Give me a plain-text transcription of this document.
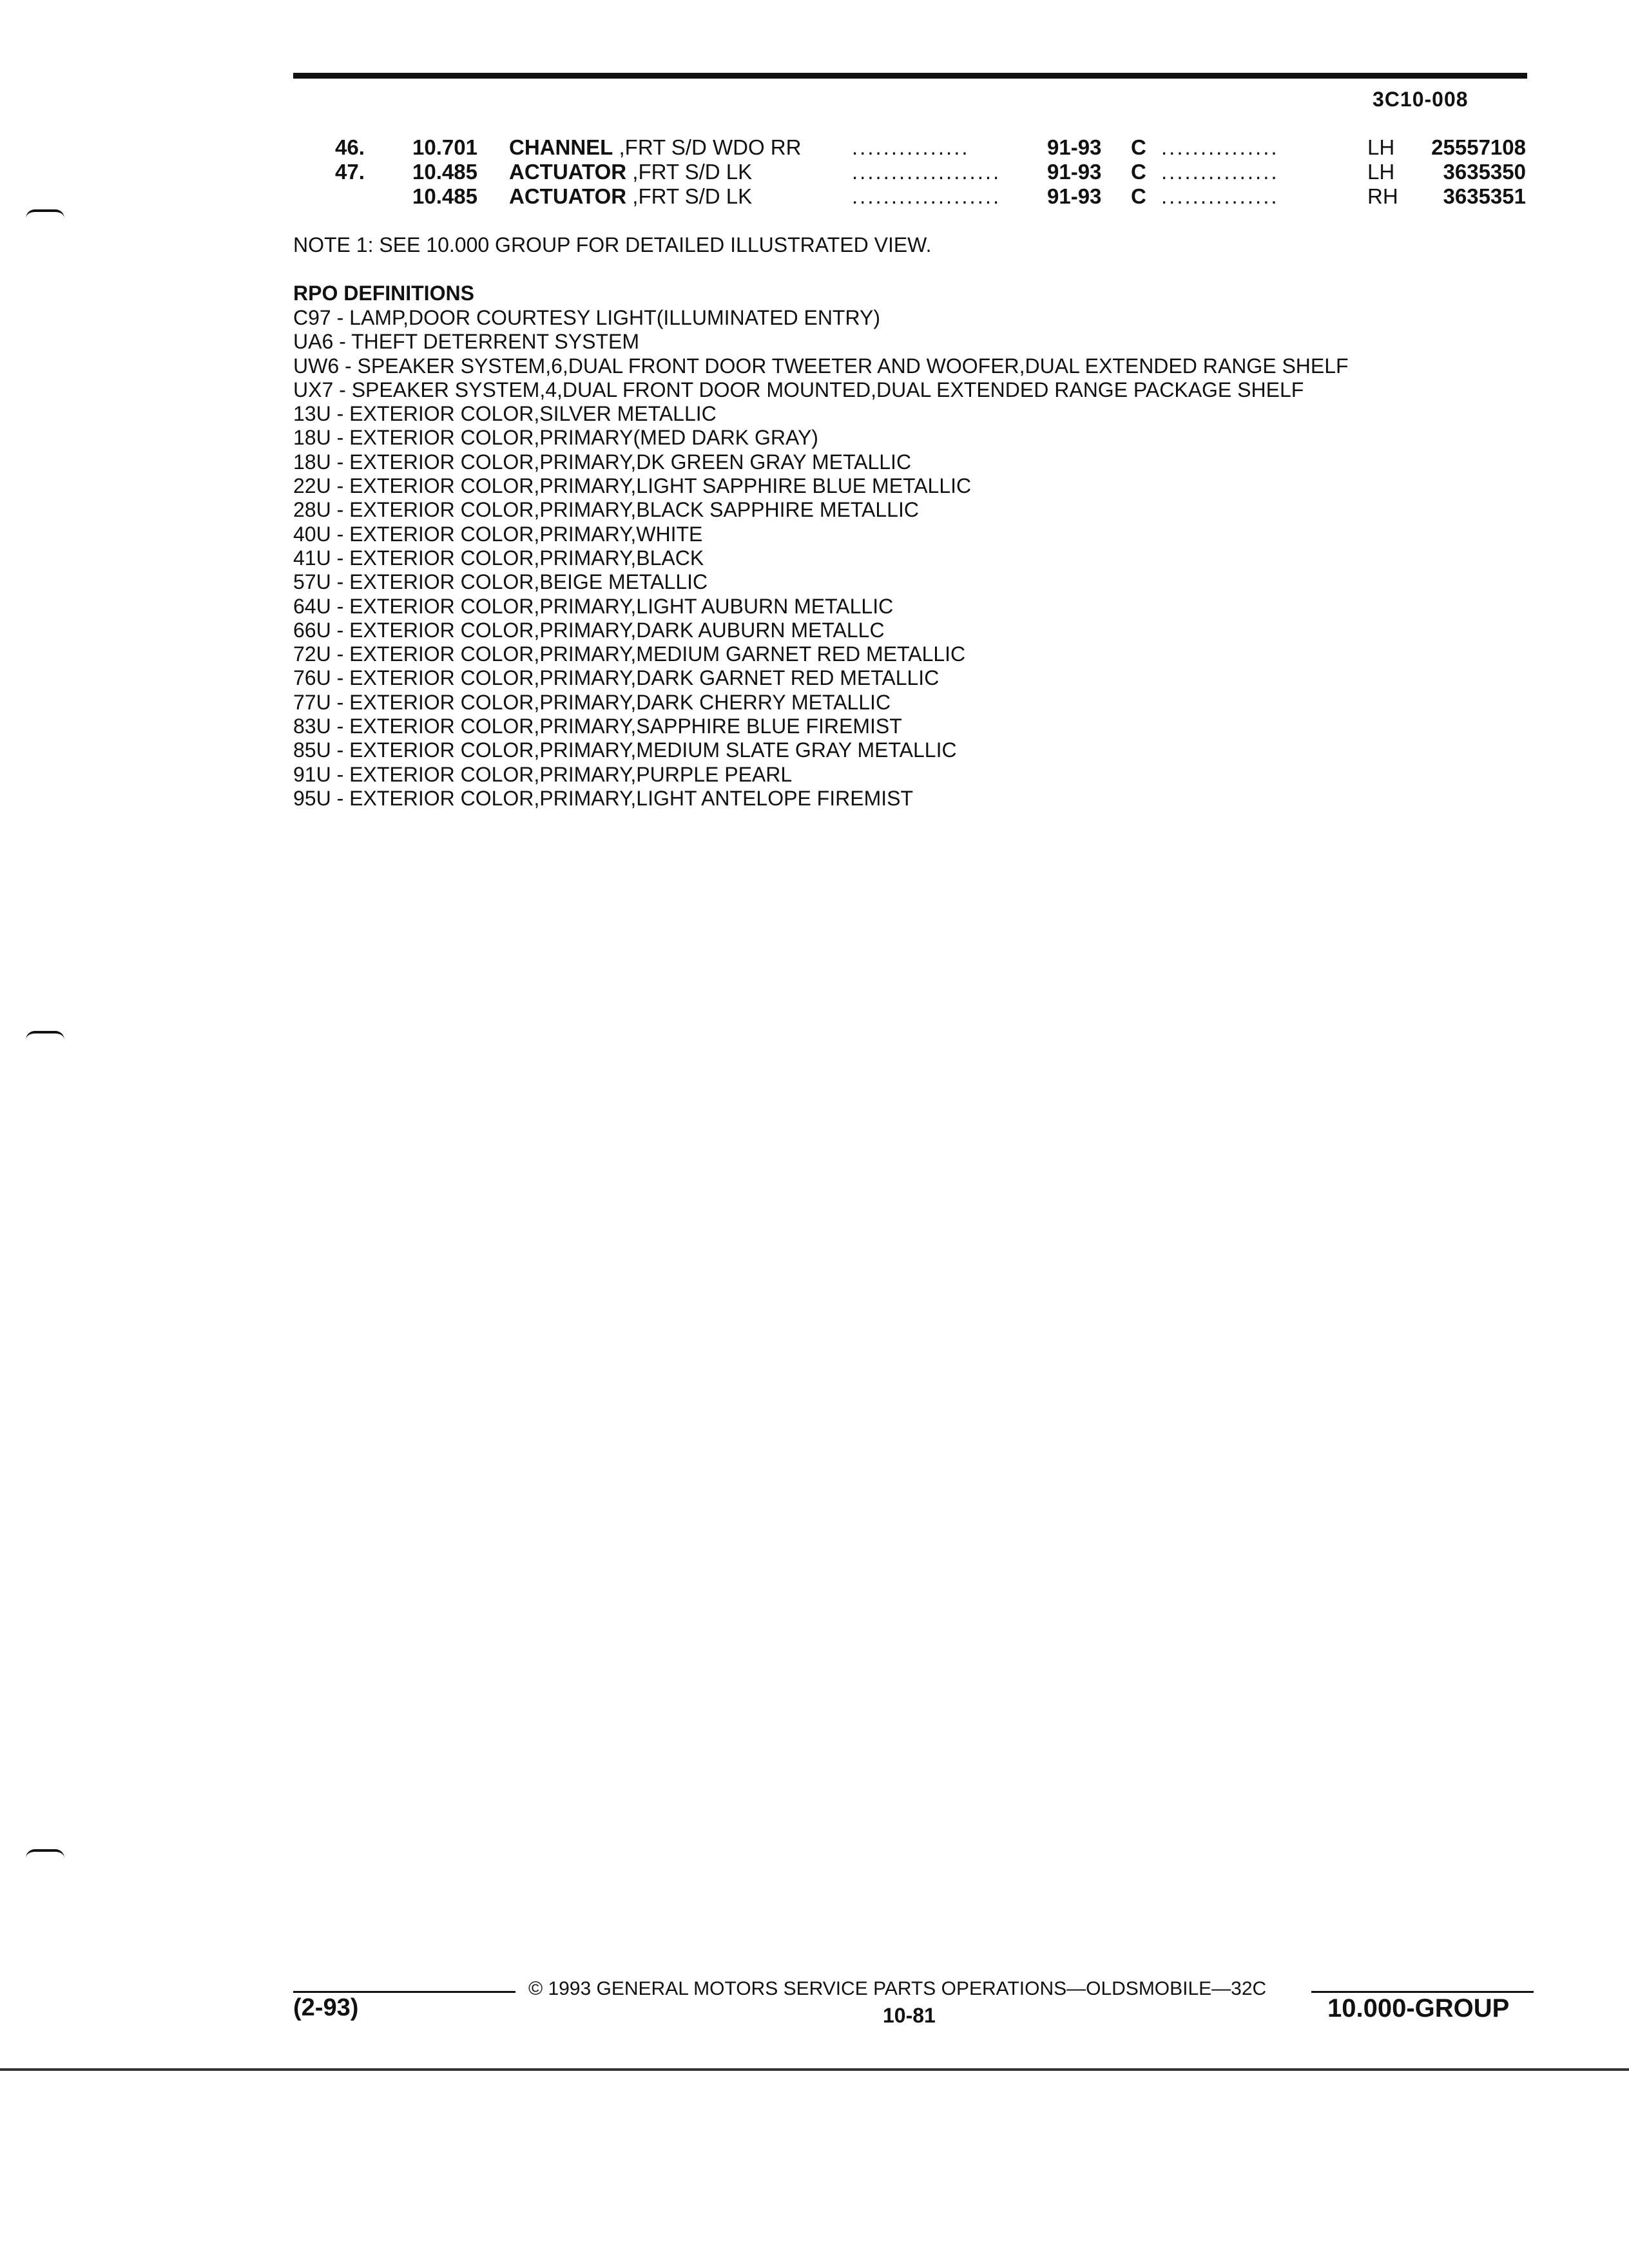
3C10-008
46. 10.701 CHANNEL ,FRT S/D WDO RR ...............	91-93 C ...............	LH 25557108
47. 10.485 ACTUATOR ,FRT S/D LK	................... 91-93 C ...............	LH 3635350
10.485 ACTUATOR ,FRT S/D LK	................... 91-93 C ...............	RH 3635351
NOTE 1: SEE 10.000 GROUP FOR DETAILED ILLUSTRATED VIEW.
RPO DEFINITIONS
C97 - LAMP,DOOR COURTESY LIGHT(ILLUMINATED ENTRY)
UA6 - THEFT DETERRENT SYSTEM
UW6 - SPEAKER SYSTEM,6,DUAL FRONT DOOR TWEETER AND WOOFER,DUAL EXTENDED RANGE SHELF
UX7 - SPEAKER SYSTEM,4,DUAL FRONT DOOR MOUNTED,DUAL EXTENDED RANGE PACKAGE SHELF
13U - EXTERIOR COLOR,SILVER METALLIC
18U - EXTERIOR COLOR,PRIMARY(MED DARK GRAY)
18U - EXTERIOR COLOR,PRIMARY,DK GREEN GRAY METALLIC
22U - EXTERIOR COLOR,PRIMARY,LIGHT SAPPHIRE BLUE METALLIC
28U - EXTERIOR COLOR,PRIMARY,BLACK SAPPHIRE METALLIC
40U - EXTERIOR COLOR,PRIMARY,WHITE
41U - EXTERIOR COLOR,PRIMARY,BLACK
57U - EXTERIOR COLOR,BEIGE METALLIC
64U - EXTERIOR COLOR,PRIMARY,LIGHT AUBURN METALLIC
66U - EXTERIOR COLOR,PRIMARY,DARK AUBURN METALLC
72U - EXTERIOR COLOR,PRIMARY,MEDIUM GARNET RED METALLIC
76U - EXTERIOR COLOR,PRIMARY,DARK GARNET RED METALLIC
77U - EXTERIOR COLOR,PRIMARY,DARK CHERRY METALLIC
83U - EXTERIOR COLOR,PRIMARY,SAPPHIRE BLUE FIREMIST
85U - EXTERIOR COLOR,PRIMARY,MEDIUM SLATE GRAY METALLIC
91U - EXTERIOR COLOR,PRIMARY,PURPLE PEARL
95U - EXTERIOR COLOR,PRIMARY,LIGHT ANTELOPE FIREMIST
© 1993 GENERAL MOTORS SERVICE PARTS OPERATIONS—OLDSMOBILE—32C
(2-93)	10-81	10.000-GROUP
